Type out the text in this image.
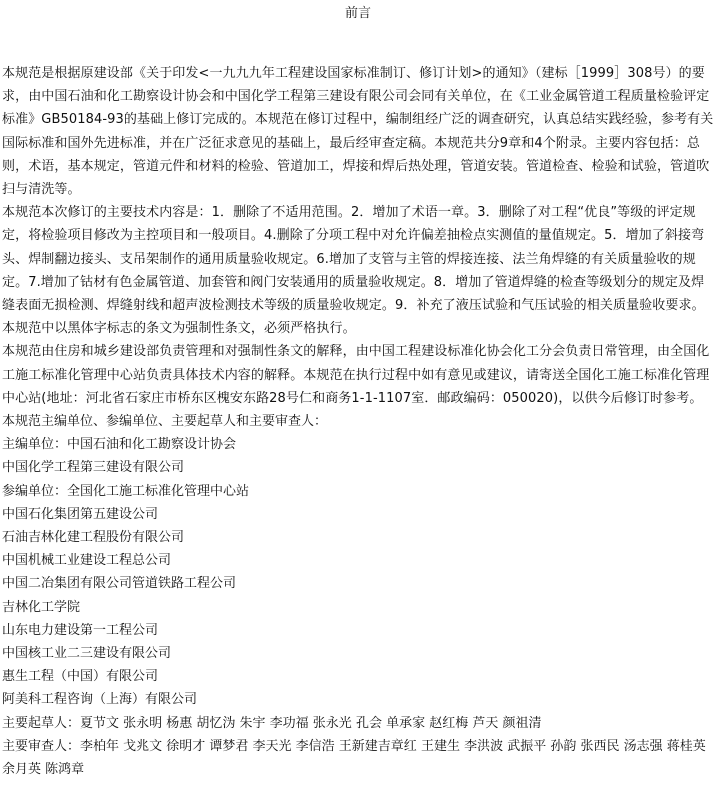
前言

本规范是根据原建设部《关于印发<一九九九年工程建设国家标准制订、修订计划>的通知》（建标［1999］308号）的要求，由中国石油和化工勘察设计协会和中国化学工程第三建设有限公司会同有关单位，在《工业金属管道工程质量检验评定标准》GB50184-93的基础上修订完成的。本规范在修订过程中，编制组经广泛的调查研究，认真总结实践经验，参考有关国际标准和国外先进标准，并在广泛征求意见的基础上，最后经审查定稿。本规范共分9章和4个附录。主要内容包括：总则，术语，基本规定，管道元件和材料的检验、管道加工，焊接和焊后热处理，管道安装。管道检查、检验和试验，管道吹扫与清洗等。

本规范本次修订的主要技术内容是：1．删除了不适用范围。2．增加了术语一章。3．删除了对工程“优良”等级的评定规定，将检验项目修改为主控项目和一般项目。4.删除了分项工程中对允许偏差抽检点实测值的量值规定。5．增加了斜接弯头、焊制翻边接头、支吊架制作的通用质量验收规定。6.增加了支管与主管的焊接连接、法兰角焊缝的有关质量验收的规定。7.增加了钴材有色金属管道、加套管和阀门安装通用的质量验收规定。8．增加了管道焊缝的检查等级划分的规定及焊缝表面无损检测、焊缝射线和超声波检测技术等级的质量验收规定。9．补充了液压试验和气压试验的相关质量验收要求。本规范中以黑体字标志的条文为强制性条文，必须严格执行。

本规范由住房和城乡建设部负责管理和对强制性条文的解释，由中国工程建设标准化协会化工分会负责日常管理，由全国化工施工标准化管理中心站负责具体技术内容的解释。本规范在执行过程中如有意见或建议，请寄送全国化工施工标准化管理中心站(地址：河北省石家庄市桥东区槐安东路28号仁和商务1-1-1107室．邮政编码：050020)，以供今后修订时参考。

本规范主编单位、参编单位、主要起草人和主要审查人：

主编单位：中国石油和化工勘察设计协会

中国化学工程第三建设有限公司

参编单位：全国化工施工标准化管理中心站

中国石化集团第五建设公司

石油吉林化建工程股份有限公司

中国机械工业建设工程总公司

中国二冶集团有限公司管道铁路工程公司

吉林化工学院

山东电力建设第一工程公司

中国核工业二三建设有限公司

惠生工程（中国）有限公司

阿美科工程咨询（上海）有限公司

主要起草人：夏节文 张永明 杨惠 胡忆沩 朱宇 李功福 张永光 孔会 单承家 赵红梅 芦天 颜祖清

主要审查人：李柏年 戈兆文 徐明才 谭梦君 李天光 李信浩 王新建吉章红 王建生 李洪波 武振平 孙韵 张西民 汤志强 蒋桂英 余月英 陈鸿章
